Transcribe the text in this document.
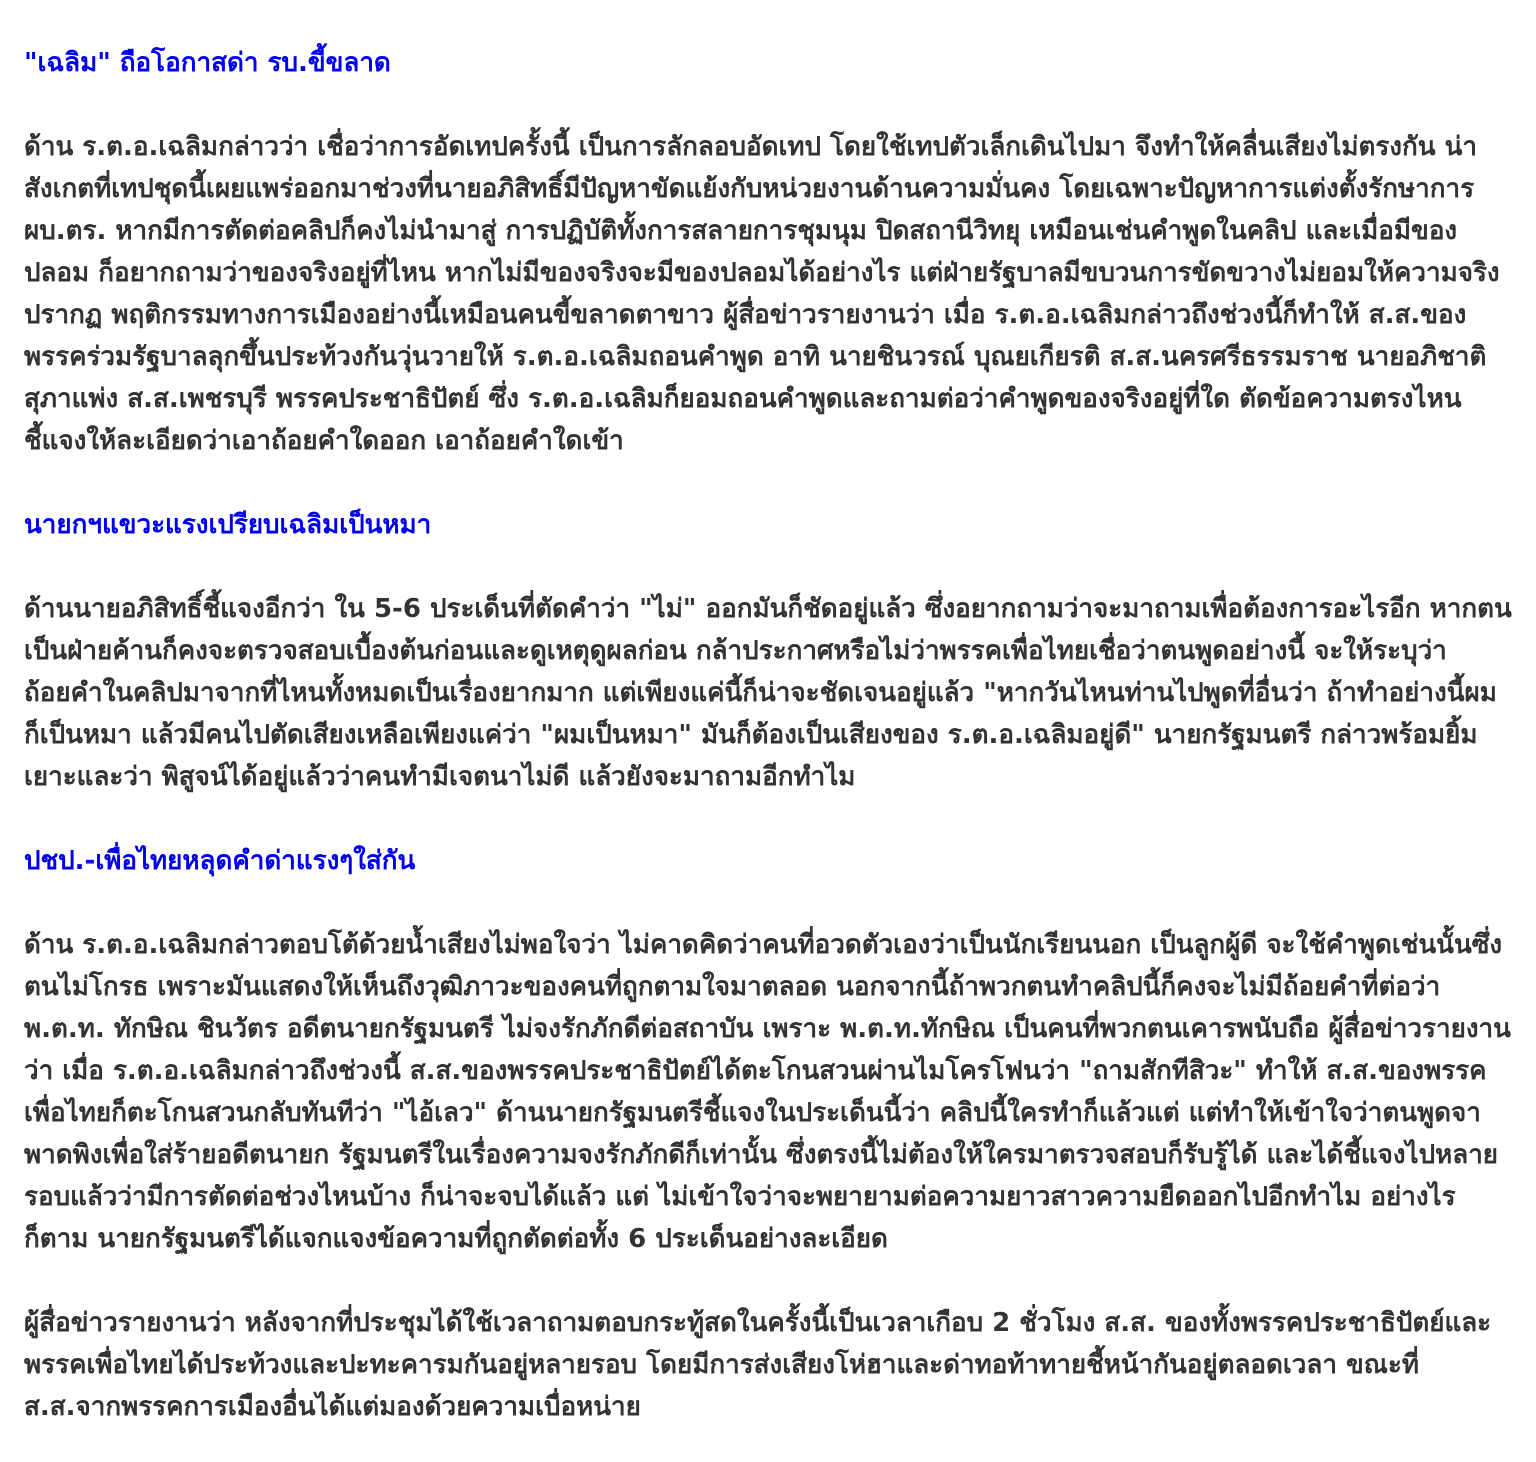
"เฉลิม" ถือโอกาสด่า รบ.ขี้ขลาด

ด้าน ร.ต.อ.เฉลิมกล่าวว่า เชื่อว่าการอัดเทปครั้งนี้ เป็นการลักลอบอัดเทป โดยใช้เทปตัวเล็กเดินไปมา จึงทำให้คลื่นเสียงไม่ตรงกัน น่าสังเกตที่เทปชุดนี้เผยแพร่ออกมาช่วงที่นายอภิสิทธิ์มีปัญหาขัดแย้งกับหน่วยงานด้านความมั่นคง โดยเฉพาะปัญหาการแต่งตั้งรักษาการ ผบ.ตร. หากมีการตัดต่อคลิปก็คงไม่นำมาสู่ การปฏิบัติทั้งการสลายการชุมนุม ปิดสถานีวิทยุ เหมือนเช่นคำพูดในคลิป และเมื่อมีของปลอม ก็อยากถามว่าของจริงอยู่ที่ไหน หากไม่มีของจริงจะมีของปลอมได้อย่างไร แต่ฝ่ายรัฐบาลมีขบวนการขัดขวางไม่ยอมให้ความจริงปรากฏ พฤติกรรมทางการเมืองอย่างนี้เหมือนคนขี้ขลาดตาขาว ผู้สื่อข่าวรายงานว่า เมื่อ ร.ต.อ.เฉลิมกล่าวถึงช่วงนี้ก็ทำให้ ส.ส.ของพรรคร่วมรัฐบาลลุกขึ้นประท้วงกันวุ่นวายให้ ร.ต.อ.เฉลิมถอนคำพูด อาทิ นายชินวรณ์ บุณยเกียรติ ส.ส.นครศรีธรรมราช นายอภิชาติ สุภาแพ่ง ส.ส.เพชรบุรี พรรคประชาธิปัตย์ ซึ่ง ร.ต.อ.เฉลิมก็ยอมถอนคำพูดและถามต่อว่าคำพูดของจริงอยู่ที่ใด ตัดข้อความตรงไหน ชี้แจงให้ละเอียดว่าเอาถ้อยคำใดออก เอาถ้อยคำใดเข้า

นายกฯแขวะแรงเปรียบเฉลิมเป็นหมา

ด้านนายอภิสิทธิ์ชี้แจงอีกว่า ใน 5-6 ประเด็นที่ตัดคำว่า "ไม่" ออกมันก็ชัดอยู่แล้ว ซึ่งอยากถามว่าจะมาถามเพื่อต้องการอะไรอีก หากตนเป็นฝ่ายค้านก็คงจะตรวจสอบเบื้องต้นก่อนและดูเหตุดูผลก่อน กล้าประกาศหรือไม่ว่าพรรคเพื่อไทยเชื่อว่าตนพูดอย่างนี้ จะให้ระบุว่าถ้อยคำในคลิปมาจากที่ไหนทั้งหมดเป็นเรื่องยากมาก แต่เพียงแค่นี้ก็น่าจะชัดเจนอยู่แล้ว "หากวันไหนท่านไปพูดที่อื่นว่า ถ้าทำอย่างนี้ผมก็เป็นหมา แล้วมีคนไปตัดเสียงเหลือเพียงแค่ว่า "ผมเป็นหมา" มันก็ต้องเป็นเสียงของ ร.ต.อ.เฉลิมอยู่ดี" นายกรัฐมนตรี กล่าวพร้อมยิ้มเยาะและว่า พิสูจน์ได้อยู่แล้วว่าคนทำมีเจตนาไม่ดี แล้วยังจะมาถามอีกทำไม

ปชป.-เพื่อไทยหลุดคำด่าแรงๆใส่กัน

ด้าน ร.ต.อ.เฉลิมกล่าวตอบโต้ด้วยน้ำเสียงไม่พอใจว่า ไม่คาดคิดว่าคนที่อวดตัวเองว่าเป็นนักเรียนนอก เป็นลูกผู้ดี จะใช้คำพูดเช่นนั้นซึ่งตนไม่โกรธ เพราะมันแสดงให้เห็นถึงวุฒิภาวะของคนที่ถูกตามใจมาตลอด นอกจากนี้ถ้าพวกตนทำคลิปนี้ก็คงจะไม่มีถ้อยคำที่ต่อว่า พ.ต.ท. ทักษิณ ชินวัตร อดีตนายกรัฐมนตรี ไม่จงรักภักดีต่อสถาบัน เพราะ พ.ต.ท.ทักษิณ เป็นคนที่พวกตนเคารพนับถือ ผู้สื่อข่าวรายงานว่า เมื่อ ร.ต.อ.เฉลิมกล่าวถึงช่วงนี้ ส.ส.ของพรรคประชาธิปัตย์ได้ตะโกนสวนผ่านไมโครโฟนว่า "ถามสักทีสิวะ" ทำให้ ส.ส.ของพรรคเพื่อไทยก็ตะโกนสวนกลับทันทีว่า "ไอ้เลว" ด้านนายกรัฐมนตรีชี้แจงในประเด็นนี้ว่า คลิปนี้ใครทำก็แล้วแต่ แต่ทำให้เข้าใจว่าตนพูดจาพาดพิงเพื่อใส่ร้ายอดีตนายก รัฐมนตรีในเรื่องความจงรักภักดีก็เท่านั้น ซึ่งตรงนี้ไม่ต้องให้ใครมาตรวจสอบก็รับรู้ได้ และได้ชี้แจงไปหลายรอบแล้วว่ามีการตัดต่อช่วงไหนบ้าง ก็น่าจะจบได้แล้ว แต่ ไม่เข้าใจว่าจะพยายามต่อความยาวสาวความยืดออกไปอีกทำไม อย่างไรก็ตาม นายกรัฐมนตรีได้แจกแจงข้อความที่ถูกตัดต่อทั้ง 6 ประเด็นอย่างละเอียด

ผู้สื่อข่าวรายงานว่า หลังจากที่ประชุมได้ใช้เวลาถามตอบกระทู้สดในครั้งนี้เป็นเวลาเกือบ 2 ชั่วโมง ส.ส. ของทั้งพรรคประชาธิปัตย์และพรรคเพื่อไทยได้ประท้วงและปะทะคารมกันอยู่หลายรอบ โดยมีการส่งเสียงโห่ฮาและด่าทอท้าทายชี้หน้ากันอยู่ตลอดเวลา ขณะที่ ส.ส.จากพรรคการเมืองอื่นได้แต่มองด้วยความเบื่อหน่าย
